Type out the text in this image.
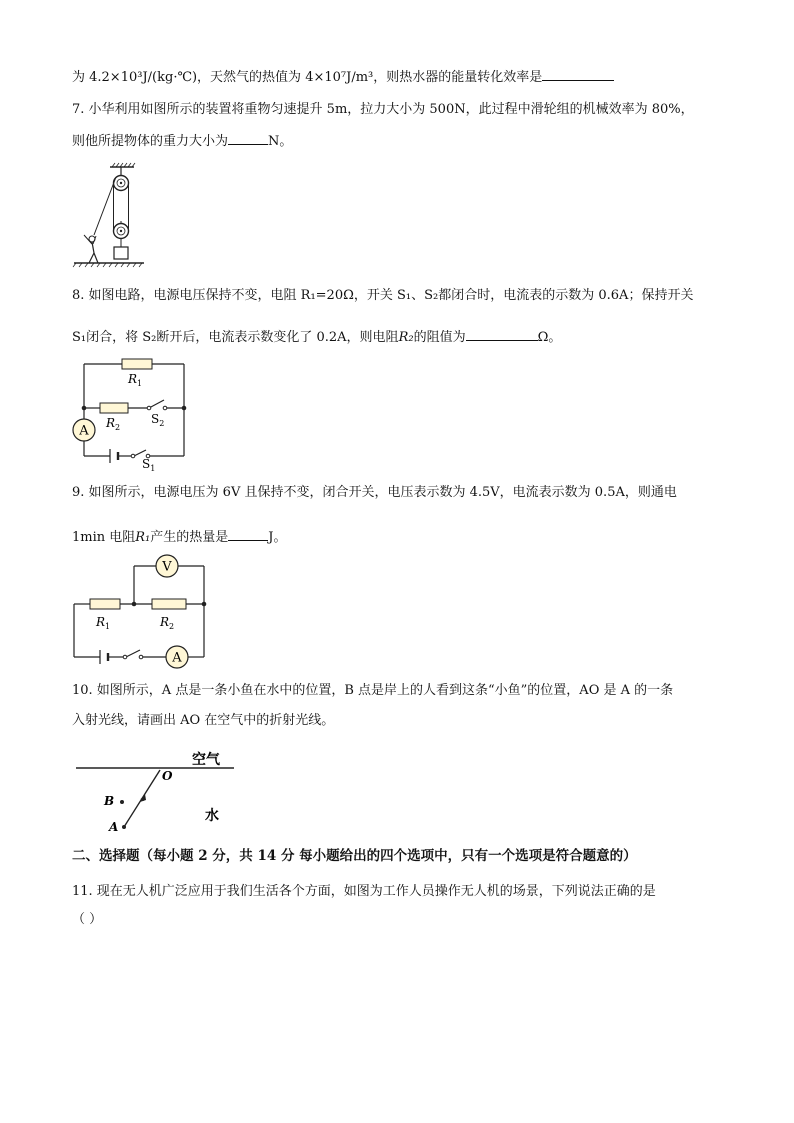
为 4.2×10³J/(kg·℃)，天然气的热值为 4×10⁷J/m³，则热水器的能量转化效率是
7. 小华利用如图所示的装置将重物匀速提升 5m，拉力大小为 500N，此过程中滑轮组的机械效率为 80%，
则他所提物体的重力大小为	N。
8. 如图电路，电源电压保持不变，电阻 R₁=20Ω，开关 S₁、S₂都闭合时，电流表的示数为 0.6A；保持开关
S₁闭合，将 S₂断开后，电流表示数变化了 0.2A，则电阻R₂的阻值为	Ω。
A
$R_1$
$R_2$
$S_2$
$S_1$
9. 如图所示，电源电压为 6V 且保持不变，闭合开关，电压表示数为 4.5V，电流表示数为 0.5A，则通电
1min 电阻R₁产生的热量是	J。
V
A
$R_1$	$R_2$
10. 如图所示，A 点是一条小鱼在水中的位置，B 点是岸上的人看到这条“小鱼”的位置，AO 是 A 的一条
入射光线，请画出 AO 在空气中的折射光线。
空气
水
O
B
A
二、选择题（每小题 2 分，共 14 分 每小题给出的四个选项中，只有一个选项是符合题意的）
11. 现在无人机广泛应用于我们生活各个方面，如图为工作人员操作无人机的场景，下列说法正确的是
（ ）
